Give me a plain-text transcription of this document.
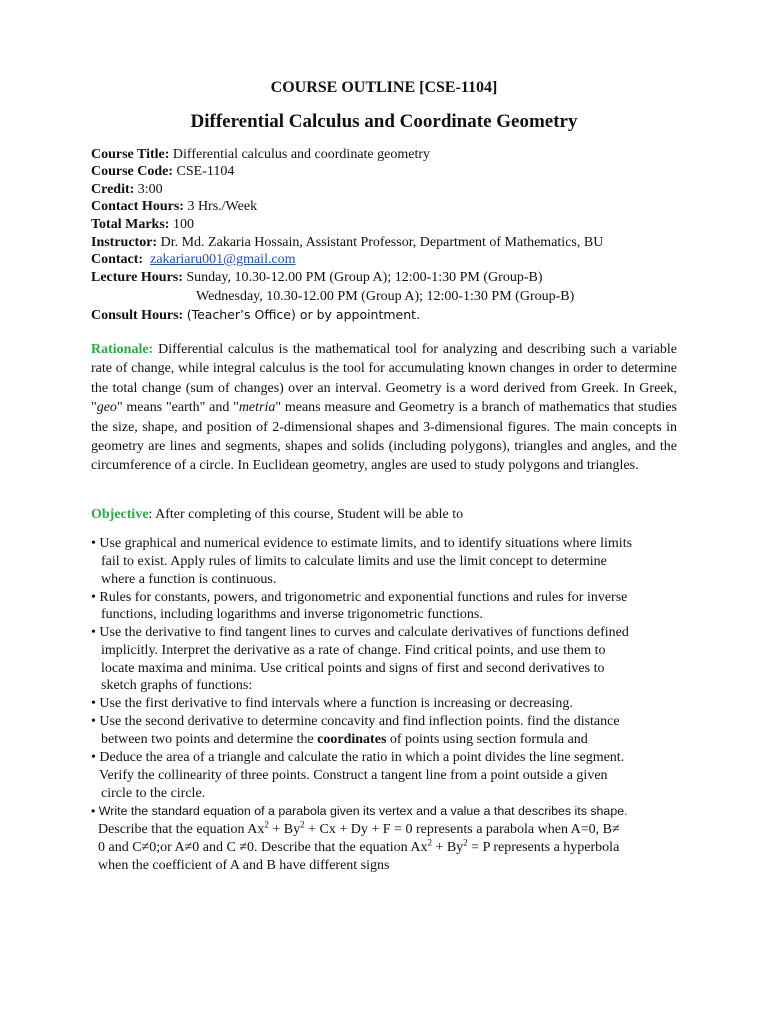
COURSE OUTLINE [CSE-1104]
Differential Calculus and Coordinate Geometry
Course Title: Differential calculus and coordinate geometry
Course Code: CSE-1104
Credit: 3:00
Contact Hours: 3 Hrs./Week
Total Marks: 100
Instructor: Dr. Md. Zakaria Hossain, Assistant Professor, Department of Mathematics, BU
Contact: zakariaru001@gmail.com
Lecture Hours: Sunday, 10.30-12.00 PM (Group A); 12:00-1:30 PM (Group-B)
Wednesday, 10.30-12.00 PM (Group A); 12:00-1:30 PM (Group-B)
Consult Hours: (Teacher’s Office) or by appointment.
Rationale: Differential calculus is the mathematical tool for analyzing and describing such a variable rate of change, while integral calculus is the tool for accumulating known changes in order to determine the total change (sum of changes) over an interval. Geometry is a word derived from Greek. In Greek, "geo" means "earth" and "metria" means measure and Geometry is a branch of mathematics that studies the size, shape, and position of 2-dimensional shapes and 3-dimensional figures. The main concepts in geometry are lines and segments, shapes and solids (including polygons), triangles and angles, and the circumference of a circle. In Euclidean geometry, angles are used to study polygons and triangles.
Objective: After completing of this course, Student will be able to
• Use graphical and numerical evidence to estimate limits, and to identify situations where limits
fail to exist. Apply rules of limits to calculate limits and use the limit concept to determine
where a function is continuous.
• Rules for constants, powers, and trigonometric and exponential functions and rules for inverse
functions, including logarithms and inverse trigonometric functions.
• Use the derivative to find tangent lines to curves and calculate derivatives of functions defined
implicitly. Interpret the derivative as a rate of change. Find critical points, and use them to
locate maxima and minima. Use critical points and signs of first and second derivatives to
sketch graphs of functions:
• Use the first derivative to find intervals where a function is increasing or decreasing.
• Use the second derivative to determine concavity and find inflection points. find the distance
between two points and determine the coordinates of points using section formula and
• Deduce the area of a triangle and calculate the ratio in which a point divides the line segment.
Verify the collinearity of three points. Construct a tangent line from a point outside a given
circle to the circle.
• Write the standard equation of a parabola given its vertex and a value a that describes its shape.
Describe that the equation $Ax^2 + By^2 + Cx + Dy + F = 0$ represents a parabola when A=0, B≠
0 and C≠0;or A≠0 and C ≠0. Describe that the equation $Ax^2 + By^2 = P$ represents a hyperbola
when the coefficient of A and B have different signs
